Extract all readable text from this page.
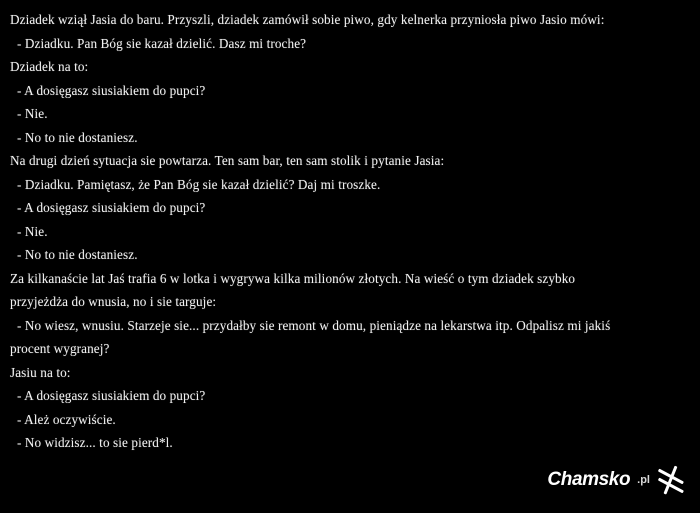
Dziadek wziął Jasia do baru. Przyszli, dziadek zamówił sobie piwo, gdy kelnerka przyniosła piwo Jasio mówi:
- Dziadku. Pan Bóg sie kazał dzielić. Dasz mi troche?
Dziadek na to:
- A dosięgasz siusiakiem do pupci?
- Nie.
- No to nie dostaniesz.
Na drugi dzień sytuacja sie powtarza. Ten sam bar, ten sam stolik i pytanie Jasia:
- Dziadku. Pamiętasz, że Pan Bóg sie kazał dzielić? Daj mi troszke.
- A dosięgasz siusiakiem do pupci?
- Nie.
- No to nie dostaniesz.
Za kilkanaście lat Jaś trafia 6 w lotka i wygrywa kilka milionów złotych. Na wieść o tym dziadek szybko
przyjeżdża do wnusia, no i sie targuje:
- No wiesz, wnusiu. Starzeje sie... przydałby sie remont w domu, pieniądze na lekarstwa itp. Odpalisz mi jakiś
procent wygranej?
Jasiu na to:
- A dosięgasz siusiakiem do pupci?
- Ależ oczywiście.
- No widzisz... to sie pierd*l.
Chamsko .pl
